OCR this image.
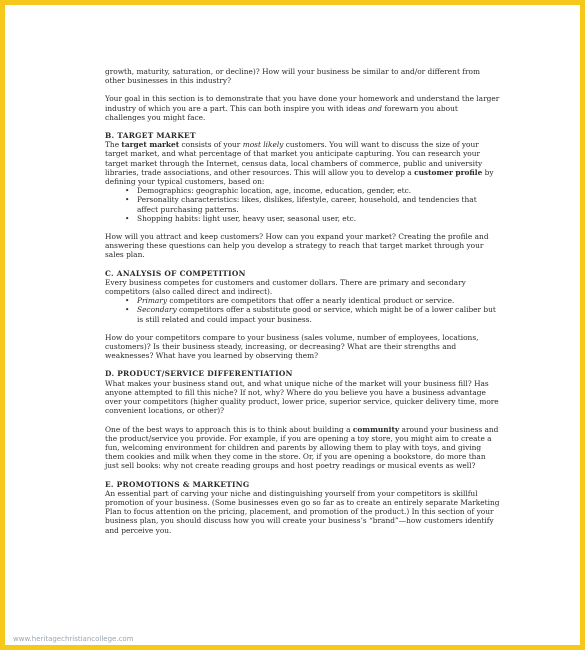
growth, maturity, saturation, or decline)? How will your business be similar to and/or different from other businesses in this industry?

Your goal in this section is to demonstrate that you have done your homework and understand the larger industry of which you are a part. This can both inspire you with ideas and forewarn you about challenges you might face.

B. TARGET MARKET

The target market consists of your most likely customers. You will want to discuss the size of your target market, and what percentage of that market you anticipate capturing. You can research your target market through the Internet, census data, local chambers of commerce, public and university libraries, trade associations, and other resources. This will allow you to develop a customer profile by defining your typical customers, based on:

• Demographics: geographic location, age, income, education, gender, etc.
• Personality characteristics: likes, dislikes, lifestyle, career, household, and tendencies that affect purchasing patterns.
• Shopping habits: light user, heavy user, seasonal user, etc.

How will you attract and keep customers? How can you expand your market? Creating the profile and answering these questions can help you develop a strategy to reach that target market through your sales plan.

C. ANALYSIS OF COMPETITION

Every business competes for customers and customer dollars. There are primary and secondary competitors (also called direct and indirect).

• Primary competitors are competitors that offer a nearly identical product or service.
• Secondary competitors offer a substitute good or service, which might be of a lower caliber but is still related and could impact your business.

How do your competitors compare to your business (sales volume, number of employees, locations, customers)? Is their business steady, increasing, or decreasing? What are their strengths and weaknesses? What have you learned by observing them?

D. PRODUCT/SERVICE DIFFERENTIATION

What makes your business stand out, and what unique niche of the market will your business fill? Has anyone attempted to fill this niche? If not, why? Where do you believe you have a business advantage over your competitors (higher quality product, lower price, superior service, quicker delivery time, more convenient locations, or other)?

One of the best ways to approach this is to think about building a community around your business and the product/service you provide. For example, if you are opening a toy store, you might aim to create a fun, welcoming environment for children and parents by allowing them to play with toys, and giving them cookies and milk when they come in the store. Or, if you are opening a bookstore, do more than just sell books: why not create reading groups and host poetry readings or musical events as well?

E. PROMOTIONS & MARKETING

An essential part of carving your niche and distinguishing yourself from your competitors is skillful promotion of your business. (Some businesses even go so far as to create an entirely separate Marketing Plan to focus attention on the pricing, placement, and promotion of the product.) In this section of your business plan, you should discuss how you will create your business’s “brand”—how customers identify and perceive you.

www.heritagechristiancollege.com
